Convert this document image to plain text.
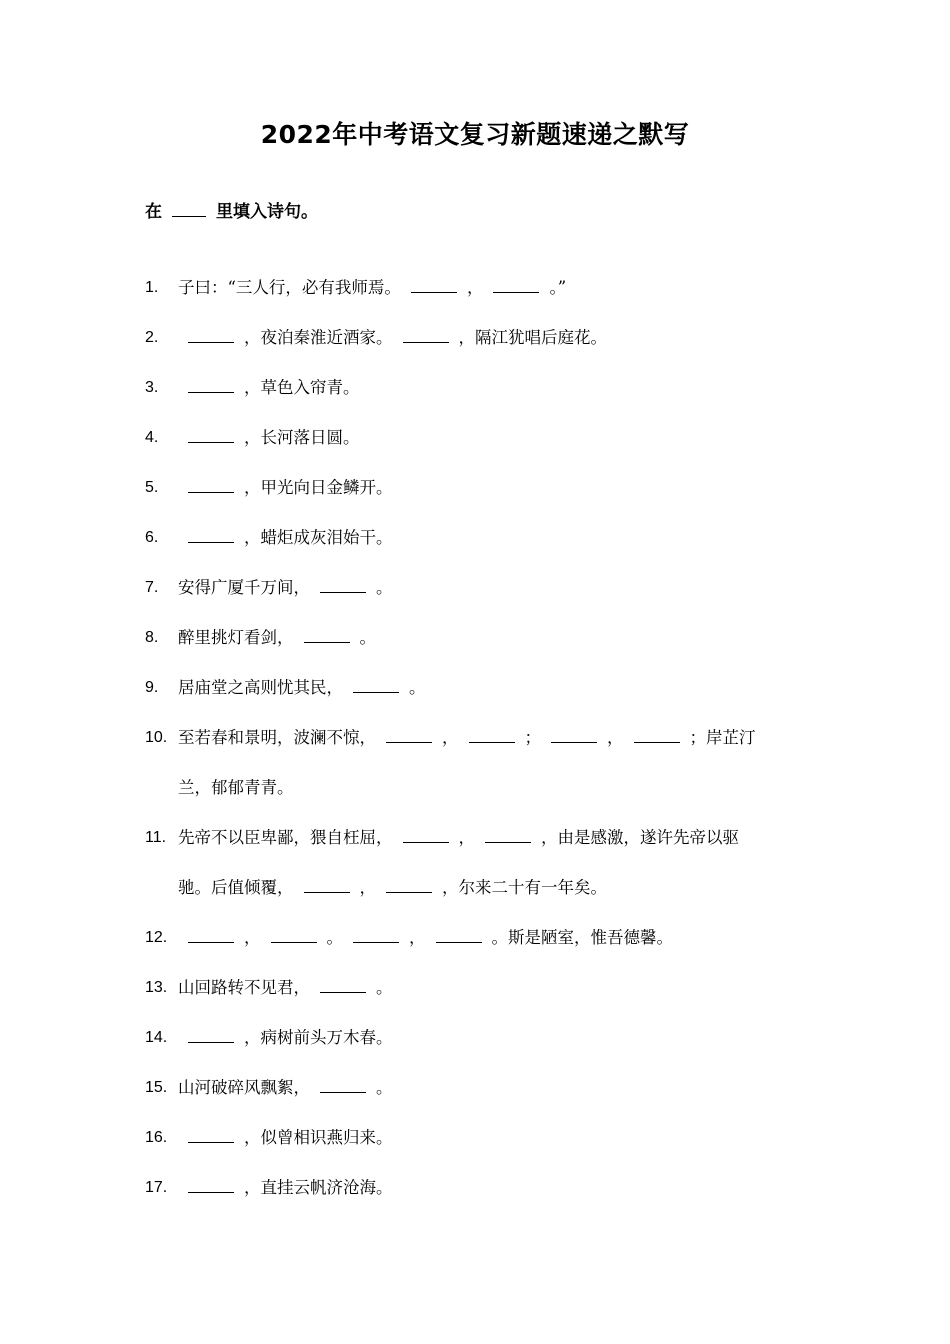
2022年中考语文复习新题速递之默写
在	里填入诗句。
1. 子曰：“三人行，必有我师焉。	，	。”
2.	，夜泊秦淮近酒家。	，隔江犹唱后庭花。
3.	，草色入帘青。
4.	，长河落日圆。
5.	，甲光向日金鳞开。
6.	，蜡炬成灰泪始干。
7. 安得广厦千万间，	。
8. 醉里挑灯看剑，	。
9. 居庙堂之高则忧其民，	。
10. 至若春和景明，波澜不惊，	，	；	，	；岸芷汀
兰，郁郁青青。
11. 先帝不以臣卑鄙，猥自枉屈，	，	，由是感激，遂许先帝以驱
驰。后值倾覆，	，	，尔来二十有一年矣。
12.	，	。	，	。斯是陋室，惟吾德馨。
13. 山回路转不见君，	。
14.	，病树前头万木春。
15. 山河破碎风飘絮，	。
16.	，似曾相识燕归来。
17.	，直挂云帆济沧海。
